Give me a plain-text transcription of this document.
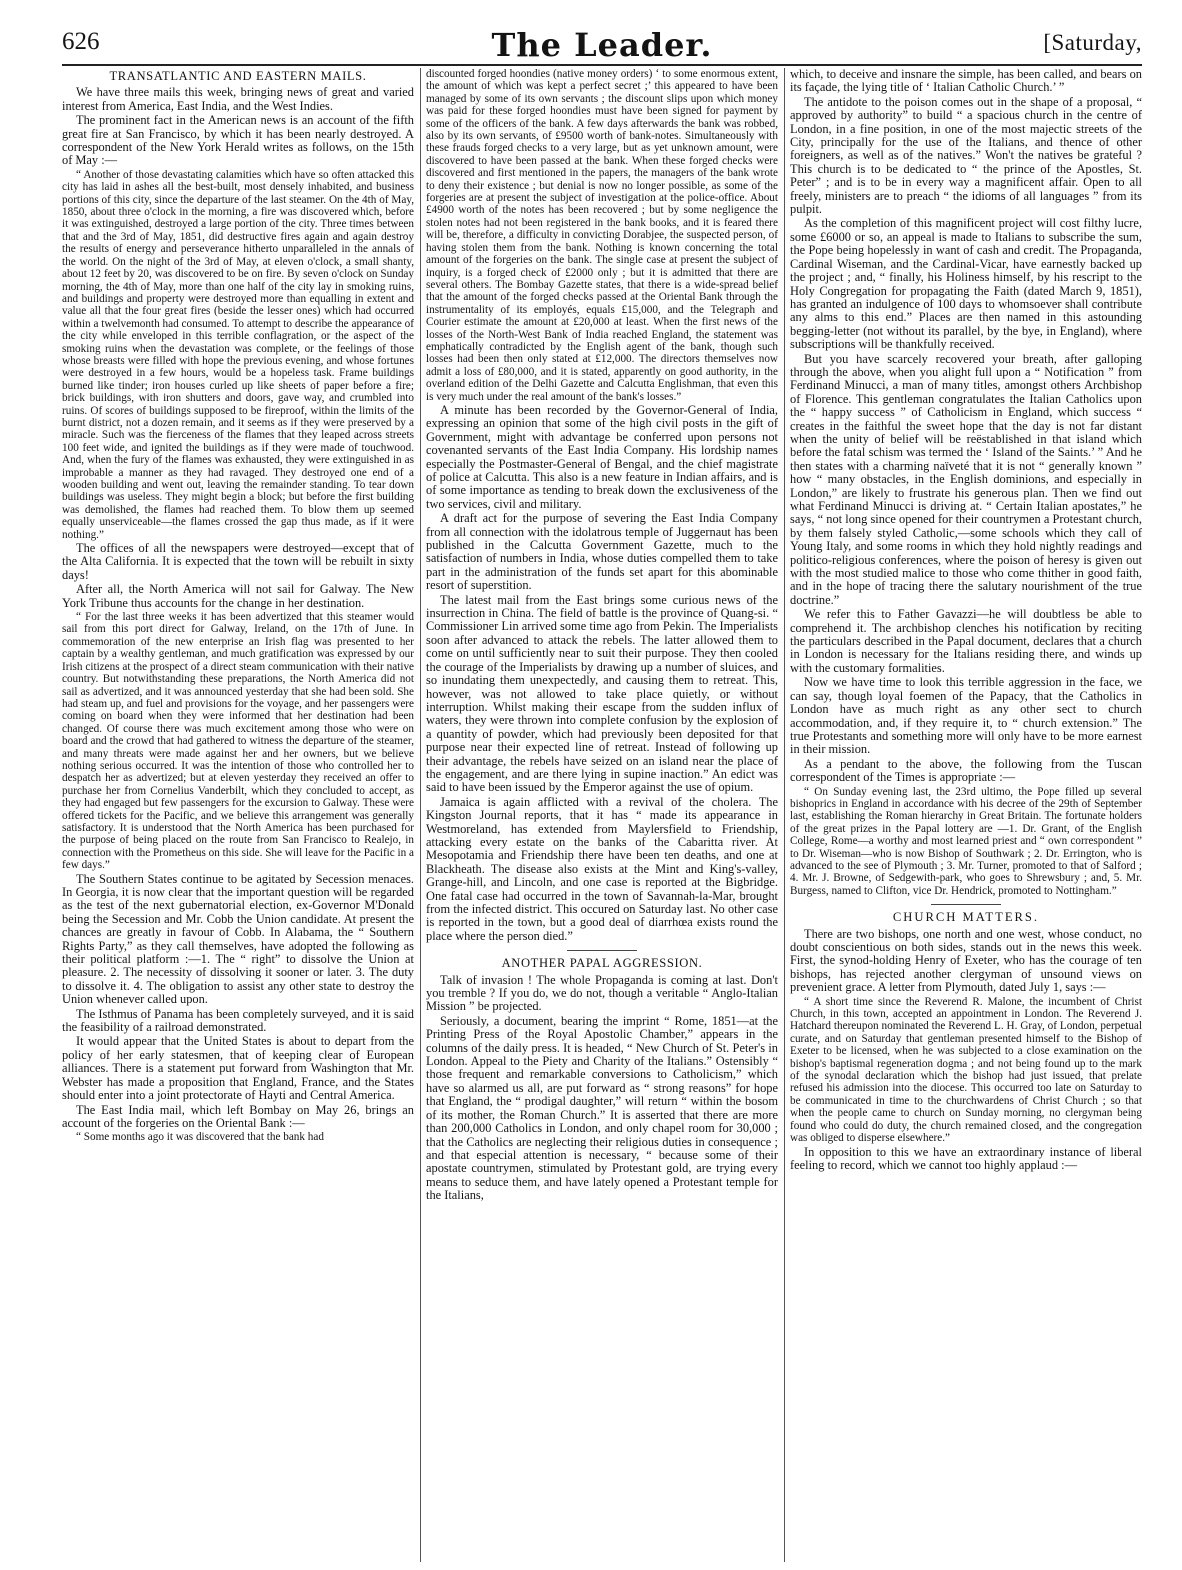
626	The Leader.	[Saturday,
TRANSATLANTIC AND EASTERN MAILS.

We have three mails this week, bringing news of great and varied interest from America, East India, and the West Indies.

The prominent fact in the American news is an account of the fifth great fire at San Francisco, by which it has been nearly destroyed. A correspondent of the New York Herald writes as follows, on the 15th of May :—

“ Another of those devastating calamities which have so often attacked this city has laid in ashes all the best-built, most densely inhabited, and business portions of this city, since the departure of the last steamer. On the 4th of May, 1850, about three o'clock in the morning, a fire was discovered which, before it was extinguished, destroyed a large portion of the city. Three times between that and the 3rd of May, 1851, did destructive fires again and again destroy the results of energy and perseverance hitherto unparalleled in the annals of the world. On the night of the 3rd of May, at eleven o'clock, a small shanty, about 12 feet by 20, was discovered to be on fire. By seven o'clock on Sunday morning, the 4th of May, more than one half of the city lay in smoking ruins, and buildings and property were destroyed more than equalling in extent and value all that the four great fires (beside the lesser ones) which had occurred within a twelvemonth had consumed. To attempt to describe the appearance of the city while enveloped in this terrible conflagration, or the aspect of the smoking ruins when the devastation was complete, or the feelings of those whose breasts were filled with hope the previous evening, and whose fortunes were destroyed in a few hours, would be a hopeless task. Frame buildings burned like tinder; iron houses curled up like sheets of paper before a fire; brick buildings, with iron shutters and doors, gave way, and crumbled into ruins. Of scores of buildings supposed to be fireproof, within the limits of the burnt district, not a dozen remain, and it seems as if they were preserved by a miracle. Such was the fierceness of the flames that they leaped across streets 100 feet wide, and ignited the buildings as if they were made of touchwood. And, when the fury of the flames was exhausted, they were extinguished in as improbable a manner as they had ravaged. They destroyed one end of a wooden building and went out, leaving the remainder standing. To tear down buildings was useless. They might begin a block; but before the first building was demolished, the flames had reached them. To blow them up seemed equally unserviceable—the flames crossed the gap thus made, as if it were nothing.”

The offices of all the newspapers were destroyed—except that of the Alta California. It is expected that the town will be rebuilt in sixty days!

After all, the North America will not sail for Galway. The New York Tribune thus accounts for the change in her destination.

“ For the last three weeks it has been advertized that this steamer would sail from this port direct for Galway, Ireland, on the 17th of June. In commemoration of the new enterprise an Irish flag was presented to her captain by a wealthy gentleman, and much gratification was expressed by our Irish citizens at the prospect of a direct steam communication with their native country. But notwithstanding these preparations, the North America did not sail as advertized, and it was announced yesterday that she had been sold. She had steam up, and fuel and provisions for the voyage, and her passengers were coming on board when they were informed that her destination had been changed. Of course there was much excitement among those who were on board and the crowd that had gathered to witness the departure of the steamer, and many threats were made against her and her owners, but we believe nothing serious occurred. It was the intention of those who controlled her to despatch her as advertized; but at eleven yesterday they received an offer to purchase her from Cornelius Vanderbilt, which they concluded to accept, as they had engaged but few passengers for the excursion to Galway. These were offered tickets for the Pacific, and we believe this arrangement was generally satisfactory. It is understood that the North America has been purchased for the purpose of being placed on the route from San Francisco to Realejo, in connection with the Prometheus on this side. She will leave for the Pacific in a few days.”

The Southern States continue to be agitated by Secession menaces. In Georgia, it is now clear that the important question will be regarded as the test of the next gubernatorial election, ex-Governor M'Donald being the Secession and Mr. Cobb the Union candidate. At present the chances are greatly in favour of Cobb. In Alabama, the “ Southern Rights Party,” as they call themselves, have adopted the following as their political platform :—1. The “ right” to dissolve the Union at pleasure. 2. The necessity of dissolving it sooner or later. 3. The duty to dissolve it. 4. The obligation to assist any other state to destroy the Union whenever called upon.

The Isthmus of Panama has been completely surveyed, and it is said the feasibility of a railroad demonstrated.

It would appear that the United States is about to depart from the policy of her early statesmen, that of keeping clear of European alliances. There is a statement put forward from Washington that Mr. Webster has made a proposition that England, France, and the States should enter into a joint protectorate of Hayti and Central America.

The East India mail, which left Bombay on May 26, brings an account of the forgeries on the Oriental Bank :—

“ Some months ago it was discovered that the bank had

discounted forged hoondies (native money orders) ‘ to some enormous extent, the amount of which was kept a perfect secret ;’ this appeared to have been managed by some of its own servants ; the discount slips upon which money was paid for these forged hoondies must have been signed for payment by some of the officers of the bank. A few days afterwards the bank was robbed, also by its own servants, of £9500 worth of bank-notes. Simultaneously with these frauds forged checks to a very large, but as yet unknown amount, were discovered to have been passed at the bank. When these forged checks were discovered and first mentioned in the papers, the managers of the bank wrote to deny their existence ; but denial is now no longer possible, as some of the forgeries are at present the subject of investigation at the police-office. About £4900 worth of the notes has been recovered ; but by some negligence the stolen notes had not been registered in the bank books, and it is feared there will be, therefore, a difficulty in convicting Dorabjee, the suspected person, of having stolen them from the bank. Nothing is known concerning the total amount of the forgeries on the bank. The single case at present the subject of inquiry, is a forged check of £2000 only ; but it is admitted that there are several others. The Bombay Gazette states, that there is a wide-spread belief that the amount of the forged checks passed at the Oriental Bank through the instrumentality of its employés, equals £15,000, and the Telegraph and Courier estimate the amount at £20,000 at least. When the first news of the losses of the North-West Bank of India reached England, the statement was emphatically contradicted by the English agent of the bank, though such losses had been then only stated at £12,000. The directors themselves now admit a loss of £80,000, and it is stated, apparently on good authority, in the overland edition of the Delhi Gazette and Calcutta Englishman, that even this is very much under the real amount of the bank's losses.”

A minute has been recorded by the Governor-General of India, expressing an opinion that some of the high civil posts in the gift of Government, might with advantage be conferred upon persons not covenanted servants of the East India Company. His lordship names especially the Postmaster-General of Bengal, and the chief magistrate of police at Calcutta. This also is a new feature in Indian affairs, and is of some importance as tending to break down the exclusiveness of the two services, civil and military.

A draft act for the purpose of severing the East India Company from all connection with the idolatrous temple of Juggernaut has been published in the Calcutta Government Gazette, much to the satisfaction of numbers in India, whose duties compelled them to take part in the administration of the funds set apart for this abominable resort of superstition.

The latest mail from the East brings some curious news of the insurrection in China. The field of battle is the province of Quang-si. “ Commissioner Lin arrived some time ago from Pekin. The Imperialists soon after advanced to attack the rebels. The latter allowed them to come on until sufficiently near to suit their purpose. They then cooled the courage of the Imperialists by drawing up a number of sluices, and so inundating them unexpectedly, and causing them to retreat. This, however, was not allowed to take place quietly, or without interruption. Whilst making their escape from the sudden influx of waters, they were thrown into complete confusion by the explosion of a quantity of powder, which had previously been deposited for that purpose near their expected line of retreat. Instead of following up their advantage, the rebels have seized on an island near the place of the engagement, and are there lying in supine inaction.” An edict was said to have been issued by the Emperor against the use of opium.

Jamaica is again afflicted with a revival of the cholera. The Kingston Journal reports, that it has “ made its appearance in Westmoreland, has extended from Maylersfield to Friendship, attacking every estate on the banks of the Cabaritta river. At Mesopotamia and Friendship there have been ten deaths, and one at Blackheath. The disease also exists at the Mint and King's-valley, Grange-hill, and Lincoln, and one case is reported at the Bigbridge. One fatal case had occurred in the town of Savannah-la-Mar, brought from the infected district. This occured on Saturday last. No other case is reported in the town, but a good deal of diarrhœa exists round the place where the person died.”

ANOTHER PAPAL AGGRESSION.

Talk of invasion ! The whole Propaganda is coming at last. Don't you tremble ? If you do, we do not, though a veritable “ Anglo-Italian Mission ” be projected.

Seriously, a document, bearing the imprint “ Rome, 1851—at the Printing Press of the Royal Apostolic Chamber,” appears in the columns of the daily press. It is headed, “ New Church of St. Peter's in London. Appeal to the Piety and Charity of the Italians.” Ostensibly “ those frequent and remarkable conversions to Catholicism,” which have so alarmed us all, are put forward as “ strong reasons” for hope that England, the “ prodigal daughter,” will return “ within the bosom of its mother, the Roman Church.” It is asserted that there are more than 200,000 Catholics in London, and only chapel room for 30,000 ; that the Catholics are neglecting their religious duties in consequence ; and that especial attention is necessary, “ because some of their apostate countrymen, stimulated by Protestant gold, are trying every means to seduce them, and have lately opened a Protestant temple for the Italians,

which, to deceive and insnare the simple, has been called, and bears on its façade, the lying title of ‘ Italian Catholic Church.’ ”

The antidote to the poison comes out in the shape of a proposal, “ approved by authority” to build “ a spacious church in the centre of London, in a fine position, in one of the most majectic streets of the City, principally for the use of the Italians, and thence of other foreigners, as well as of the natives.” Won't the natives be grateful ? This church is to be dedicated to “ the prince of the Apostles, St. Peter” ; and is to be in every way a magnificent affair. Open to all freely, ministers are to preach “ the idioms of all languages ” from its pulpit.

As the completion of this magnificent project will cost filthy lucre, some £6000 or so, an appeal is made to Italians to subscribe the sum, the Pope being hopelessly in want of cash and credit. The Propaganda, Cardinal Wiseman, and the Cardinal-Vicar, have earnestly backed up the project ; and, “ finally, his Holiness himself, by his rescript to the Holy Congregation for propagating the Faith (dated March 9, 1851), has granted an indulgence of 100 days to whomsoever shall contribute any alms to this end.” Places are then named in this astounding begging-letter (not without its parallel, by the bye, in England), where subscriptions will be thankfully received.

But you have scarcely recovered your breath, after galloping through the above, when you alight full upon a “ Notification ” from Ferdinand Minucci, a man of many titles, amongst others Archbishop of Florence. This gentleman congratulates the Italian Catholics upon the “ happy success ” of Catholicism in England, which success “ creates in the faithful the sweet hope that the day is not far distant when the unity of belief will be reëstablished in that island which before the fatal schism was termed the ‘ Island of the Saints.’ ” And he then states with a charming naïveté that it is not “ generally known ” how “ many obstacles, in the English dominions, and especially in London,” are likely to frustrate his generous plan. Then we find out what Ferdinand Minucci is driving at. “ Certain Italian apostates,” he says, “ not long since opened for their countrymen a Protestant church, by them falsely styled Catholic,—some schools which they call of Young Italy, and some rooms in which they hold nightly readings and politico-religious conferences, where the poison of heresy is given out with the most studied malice to those who come thither in good faith, and in the hope of tracing there the salutary nourishment of the true doctrine.”

We refer this to Father Gavazzi—he will doubtless be able to comprehend it. The archbishop clenches his notification by reciting the particulars described in the Papal document, declares that a church in London is necessary for the Italians residing there, and winds up with the customary formalities.

Now we have time to look this terrible aggression in the face, we can say, though loyal foemen of the Papacy, that the Catholics in London have as much right as any other sect to church accommodation, and, if they require it, to “ church extension.” The true Protestants and something more will only have to be more earnest in their mission.

As a pendant to the above, the following from the Tuscan correspondent of the Times is appropriate :—

“ On Sunday evening last, the 23rd ultimo, the Pope filled up several bishoprics in England in accordance with his decree of the 29th of September last, establishing the Roman hierarchy in Great Britain. The fortunate holders of the great prizes in the Papal lottery are —1. Dr. Grant, of the English College, Rome—a worthy and most learned priest and “ own correspondent ” to Dr. Wiseman—who is now Bishop of Southwark ; 2. Dr. Errington, who is advanced to the see of Plymouth ; 3. Mr. Turner, promoted to that of Salford ; 4. Mr. J. Browne, of Sedgewith-park, who goes to Shrewsbury ; and, 5. Mr. Burgess, named to Clifton, vice Dr. Hendrick, promoted to Nottingham.”

CHURCH MATTERS.

There are two bishops, one north and one west, whose conduct, no doubt conscientious on both sides, stands out in the news this week. First, the synod-holding Henry of Exeter, who has the courage of ten bishops, has rejected another clergyman of unsound views on prevenient grace. A letter from Plymouth, dated July 1, says :—

“ A short time since the Reverend R. Malone, the incumbent of Christ Church, in this town, accepted an appointment in London. The Reverend J. Hatchard thereupon nominated the Reverend L. H. Gray, of London, perpetual curate, and on Saturday that gentleman presented himself to the Bishop of Exeter to be licensed, when he was subjected to a close examination on the bishop's baptismal regeneration dogma ; and not being found up to the mark of the synodal declaration which the bishop had just issued, that prelate refused his admission into the diocese. This occurred too late on Saturday to be communicated in time to the churchwardens of Christ Church ; so that when the people came to church on Sunday morning, no clergyman being found who could do duty, the church remained closed, and the congregation was obliged to disperse elsewhere.”

In opposition to this we have an extraordinary instance of liberal feeling to record, which we cannot too highly applaud :—
